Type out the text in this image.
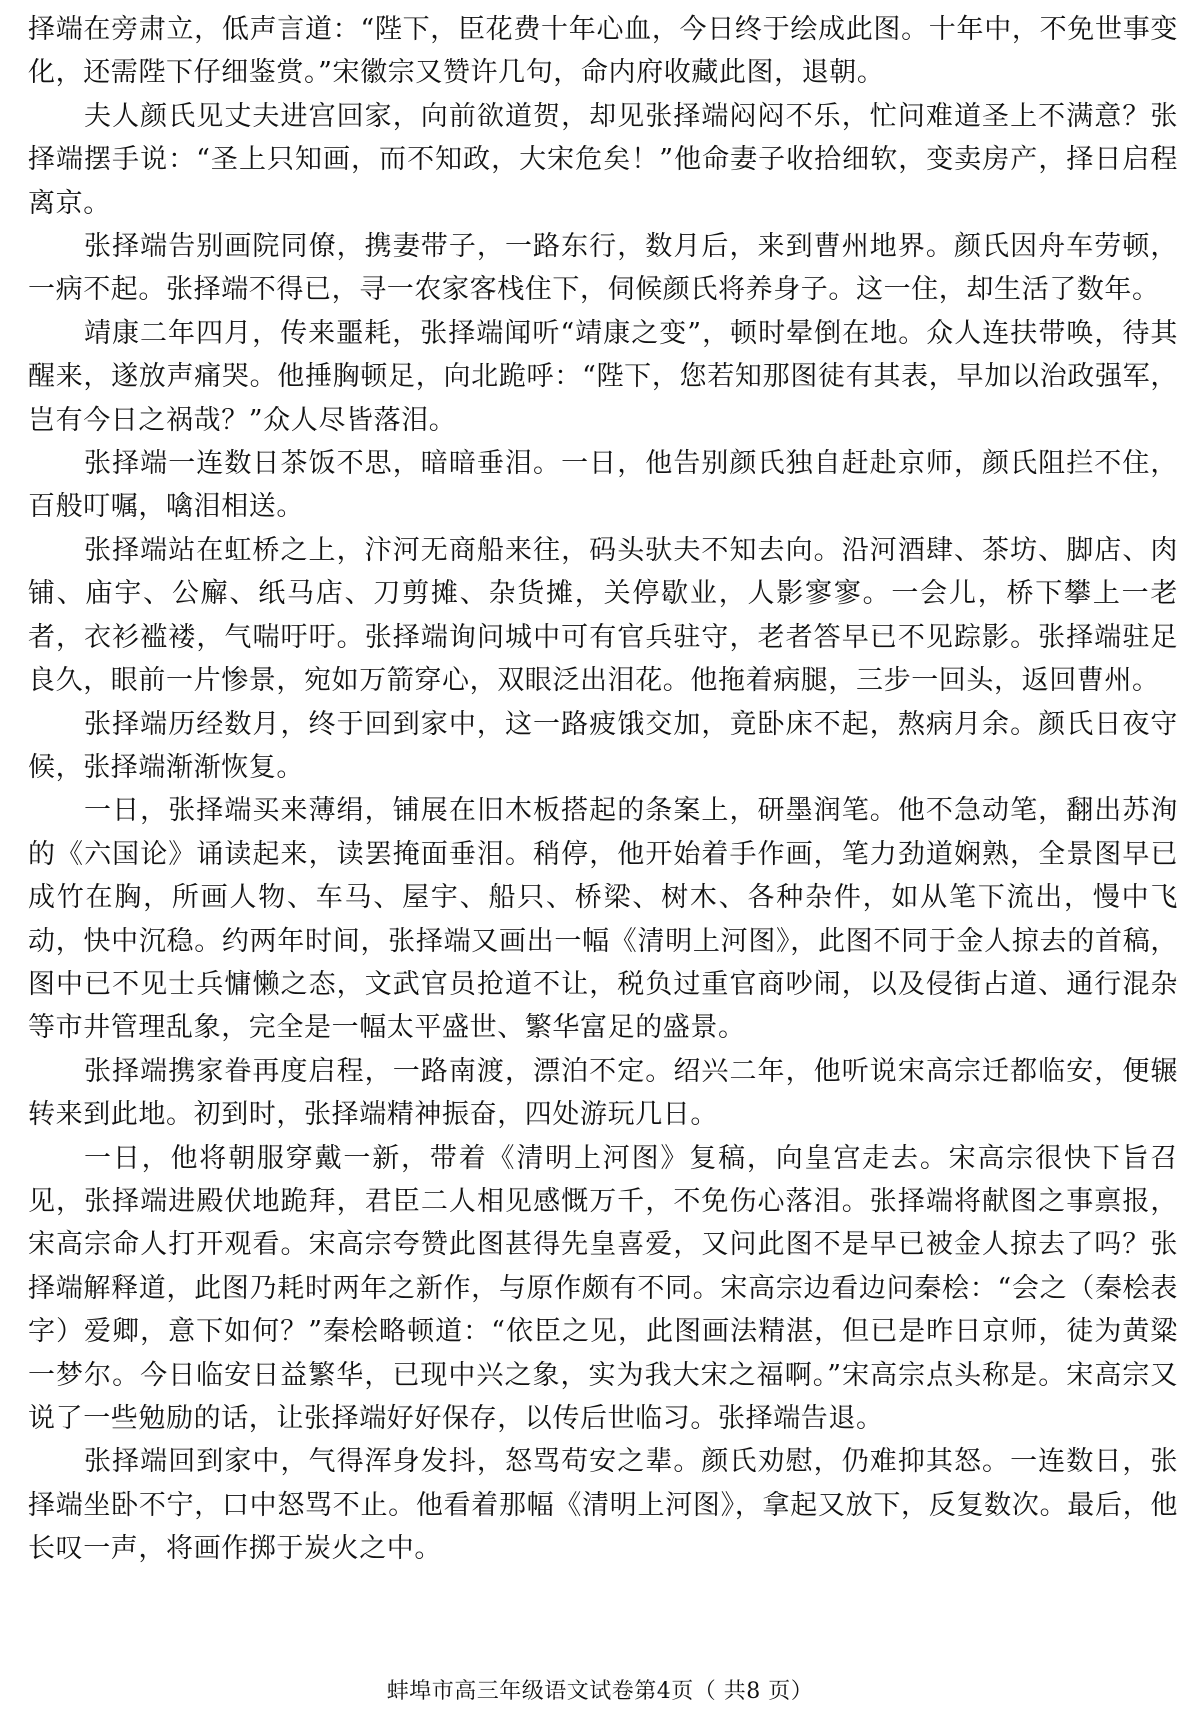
择端在旁肃立，低声言道：“陛下，臣花费十年心血，今日终于绘成此图。十年中，不免世事变化，还需陛下仔细鉴赏。”宋徽宗又赞许几句，命内府收藏此图，退朝。

夫人颜氏见丈夫进宫回家，向前欲道贺，却见张择端闷闷不乐，忙问难道圣上不满意？张择端摆手说：“圣上只知画，而不知政，大宋危矣！”他命妻子收拾细软，变卖房产，择日启程离京。

张择端告别画院同僚，携妻带子，一路东行，数月后，来到曹州地界。颜氏因舟车劳顿，一病不起。张择端不得已，寻一农家客栈住下，伺候颜氏将养身子。这一住，却生活了数年。

靖康二年四月，传来噩耗，张择端闻听“靖康之变”，顿时晕倒在地。众人连扶带唤，待其醒来，遂放声痛哭。他捶胸顿足，向北跪呼：“陛下，您若知那图徒有其表，早加以治政强军，岂有今日之祸哉？”众人尽皆落泪。

张择端一连数日茶饭不思，暗暗垂泪。一日，他告别颜氏独自赶赴京师，颜氏阻拦不住，百般叮嘱，噙泪相送。

张择端站在虹桥之上，汴河无商船来往，码头驮夫不知去向。沿河酒肆、茶坊、脚店、肉铺、庙宇、公廨、纸马店、刀剪摊、杂货摊，关停歇业，人影寥寥。一会儿，桥下攀上一老者，衣衫褴褛，气喘吁吁。张择端询问城中可有官兵驻守，老者答早已不见踪影。张择端驻足良久，眼前一片惨景，宛如万箭穿心，双眼泛出泪花。他拖着病腿，三步一回头，返回曹州。

张择端历经数月，终于回到家中，这一路疲饿交加，竟卧床不起，熬病月余。颜氏日夜守候，张择端渐渐恢复。

一日，张择端买来薄绢，铺展在旧木板搭起的条案上，研墨润笔。他不急动笔，翻出苏洵的《六国论》诵读起来，读罢掩面垂泪。稍停，他开始着手作画，笔力劲道娴熟，全景图早已成竹在胸，所画人物、车马、屋宇、船只、桥梁、树木、各种杂件，如从笔下流出，慢中飞动，快中沉稳。约两年时间，张择端又画出一幅《清明上河图》，此图不同于金人掠去的首稿，图中已不见士兵慵懒之态，文武官员抢道不让，税负过重官商吵闹，以及侵街占道、通行混杂等市井管理乱象，完全是一幅太平盛世、繁华富足的盛景。

张择端携家眷再度启程，一路南渡，漂泊不定。绍兴二年，他听说宋高宗迁都临安，便辗转来到此地。初到时，张择端精神振奋，四处游玩几日。

一日，他将朝服穿戴一新，带着《清明上河图》复稿，向皇宫走去。宋高宗很快下旨召见，张择端进殿伏地跪拜，君臣二人相见感慨万千，不免伤心落泪。张择端将献图之事禀报，宋高宗命人打开观看。宋高宗夸赞此图甚得先皇喜爱，又问此图不是早已被金人掠去了吗？张择端解释道，此图乃耗时两年之新作，与原作颇有不同。宋高宗边看边问秦桧：“会之（秦桧表字）爱卿，意下如何？”秦桧略顿道：“依臣之见，此图画法精湛，但已是昨日京师，徒为黄粱一梦尔。今日临安日益繁华，已现中兴之象，实为我大宋之福啊。”宋高宗点头称是。宋高宗又说了一些勉励的话，让张择端好好保存，以传后世临习。张择端告退。

张择端回到家中，气得浑身发抖，怒骂苟安之辈。颜氏劝慰，仍难抑其怒。一连数日，张择端坐卧不宁，口中怒骂不止。他看着那幅《清明上河图》，拿起又放下，反复数次。最后，他长叹一声，将画作掷于炭火之中。

蚌埠市高三年级语文试卷第4页（ 共8 页）
